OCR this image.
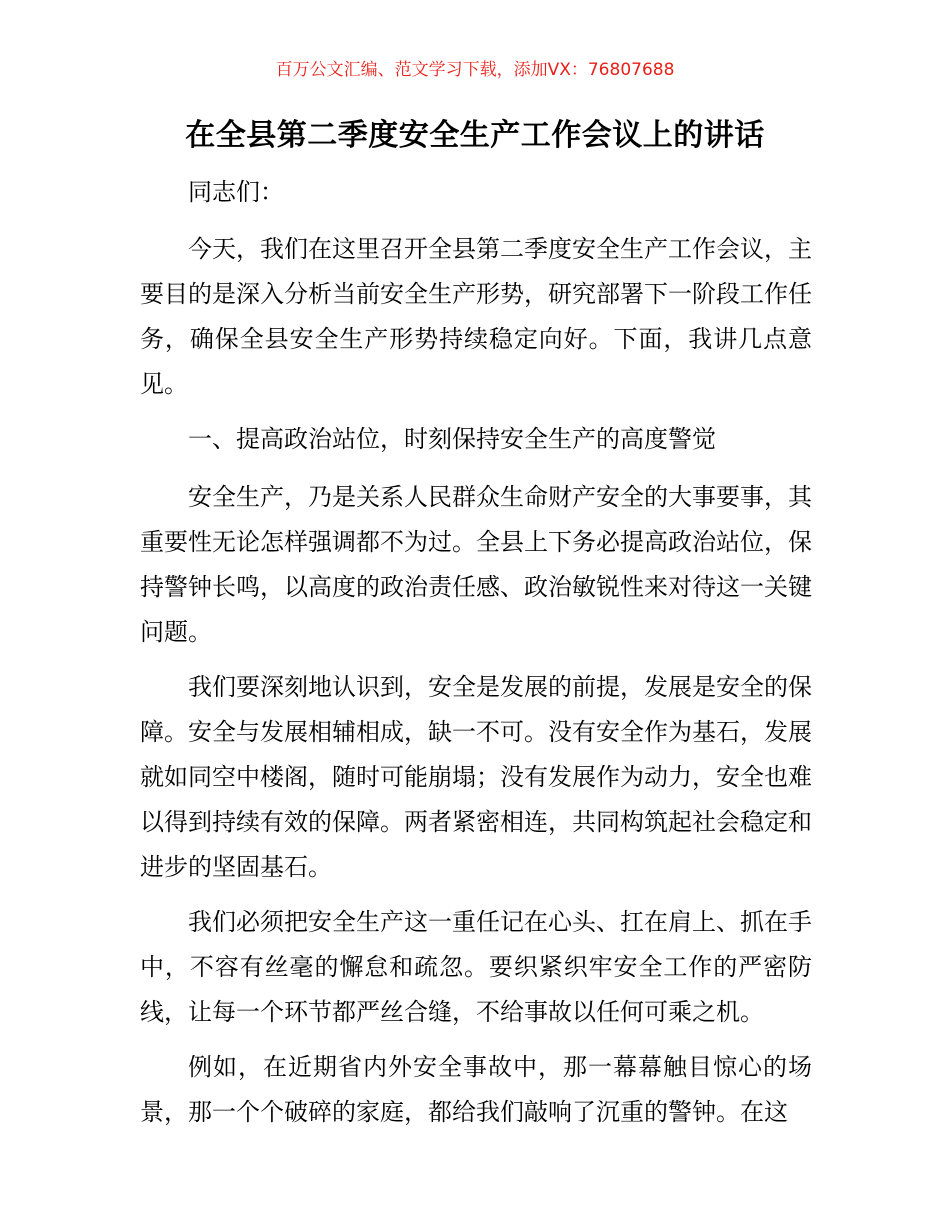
百万公文汇编、范文学习下载，添加VX：76807688
在全县第二季度安全生产工作会议上的讲话

同志们：

今天，我们在这里召开全县第二季度安全生产工作会议，主要目的是深入分析当前安全生产形势，研究部署下一阶段工作任务，确保全县安全生产形势持续稳定向好。下面，我讲几点意见。

一、提高政治站位，时刻保持安全生产的高度警觉

安全生产，乃是关系人民群众生命财产安全的大事要事，其重要性无论怎样强调都不为过。全县上下务必提高政治站位，保持警钟长鸣，以高度的政治责任感、政治敏锐性来对待这一关键问题。

我们要深刻地认识到，安全是发展的前提，发展是安全的保障。安全与发展相辅相成，缺一不可。没有安全作为基石，发展就如同空中楼阁，随时可能崩塌；没有发展作为动力，安全也难以得到持续有效的保障。两者紧密相连，共同构筑起社会稳定和进步的坚固基石。

我们必须把安全生产这一重任记在心头、扛在肩上、抓在手中，不容有丝毫的懈怠和疏忽。要织紧织牢安全工作的严密防线，让每一个环节都严丝合缝，不给事故以任何可乘之机。

例如，在近期省内外安全事故中，那一幕幕触目惊心的场景，那一个个破碎的家庭，都给我们敲响了沉重的警钟。在这
